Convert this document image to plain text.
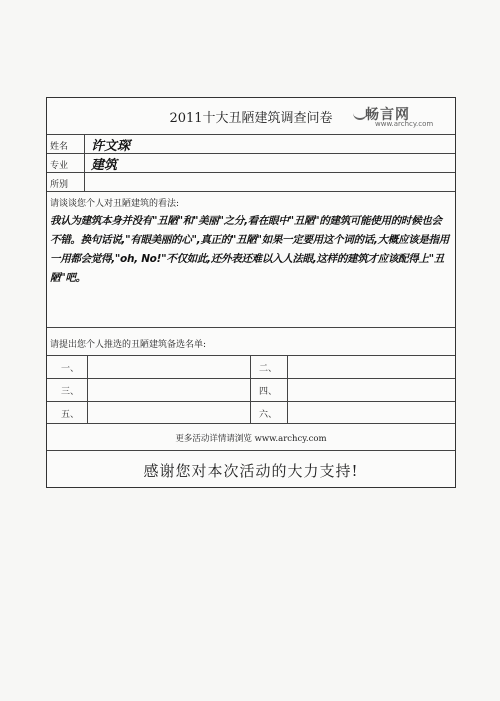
2011十大丑陋建筑调查问卷	畅言网
www.archcy.com
姓名	许文琛
专业	建筑
所别
请谈谈您个人对丑陋建筑的看法:
我认为建筑本身并没有"丑陋"和"美丽"之分,看在眼中"丑陋"的建筑可能使用的时候也会不错。换句话说,"有眼美丽的心",真正的"丑陋"如果一定要用这个词的话,大概应该是指用一用都会觉得,"oh, No!"不仅如此,还外表还难以入人法眼,这样的建筑才应该配得上"丑陋"吧。
请提出您个人推选的丑陋建筑备选名单:
一、	二、
三、	四、
五、	六、
更多活动详情请浏览 www.archcy.com
感谢您对本次活动的大力支持!
